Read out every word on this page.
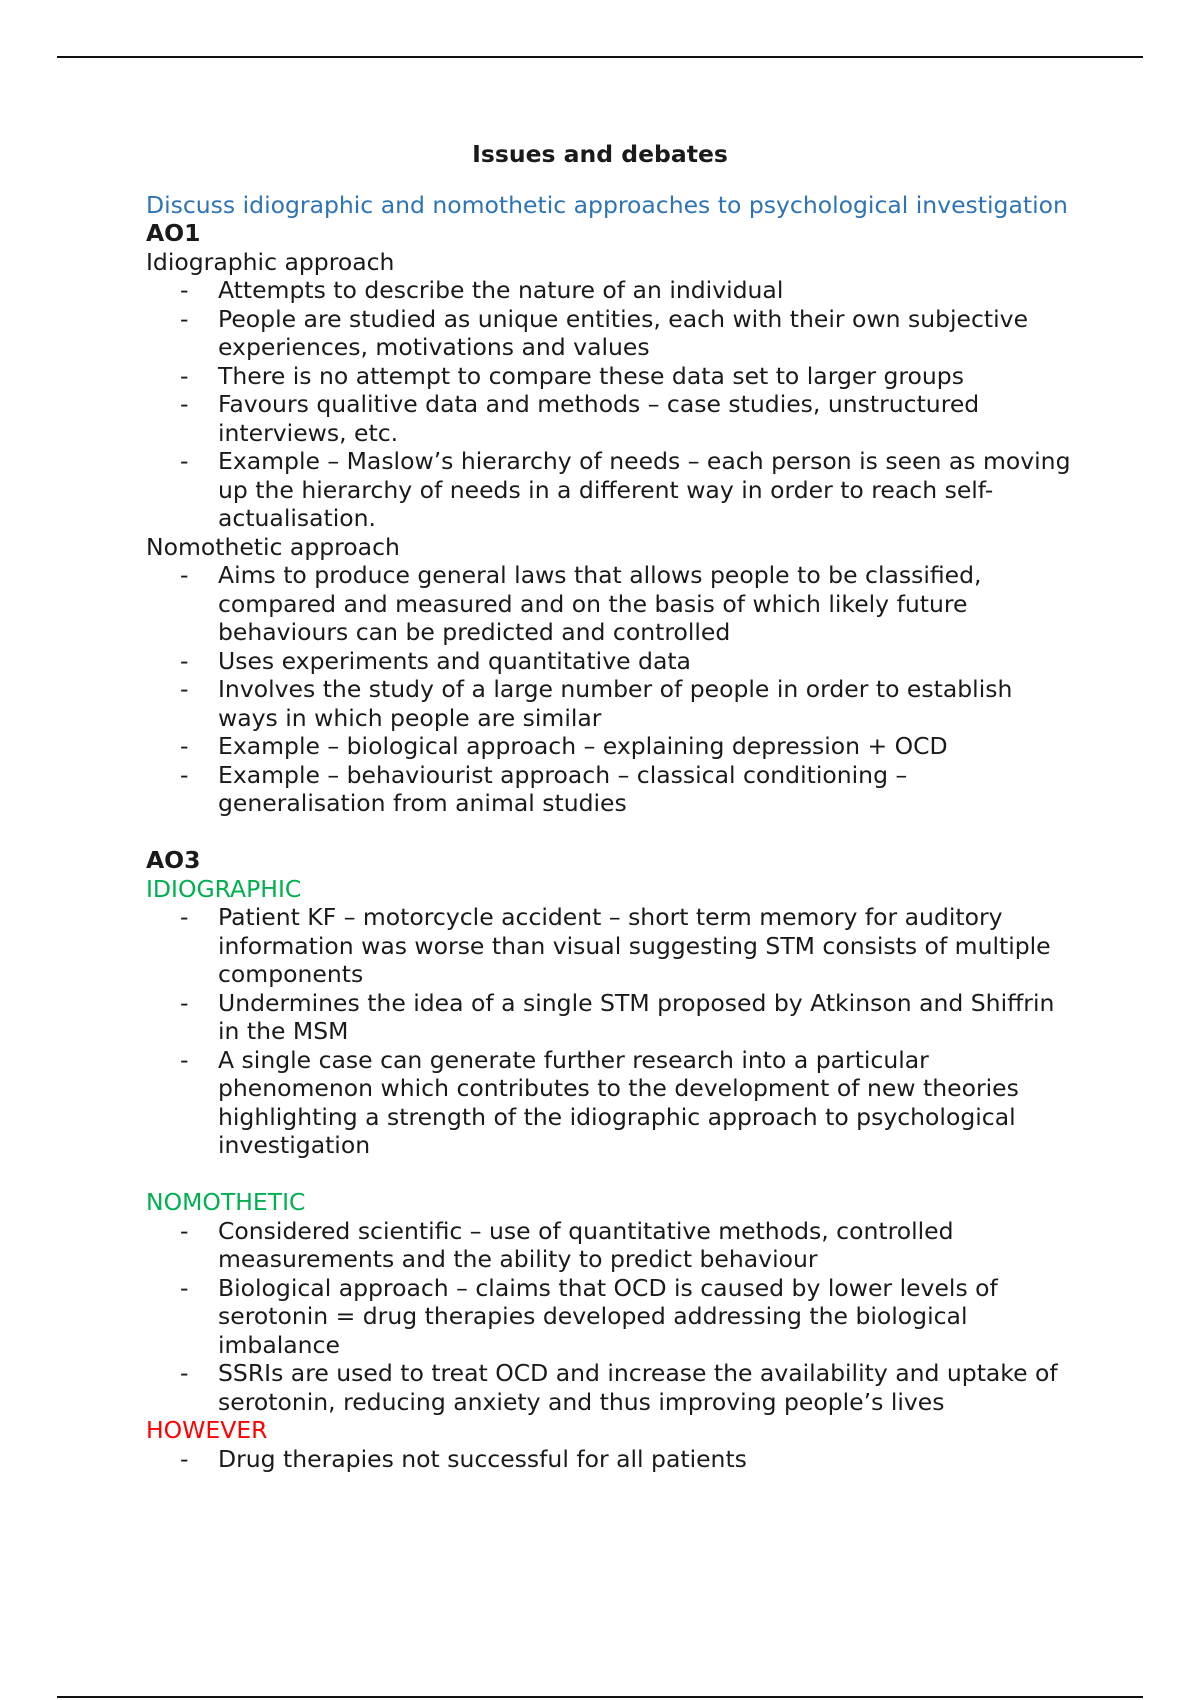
Issues and debates
Discuss idiographic and nomothetic approaches to psychological investigation
AO1
Idiographic approach
- Attempts to describe the nature of an individual
- People are studied as unique entities, each with their own subjective experiences, motivations and values
- There is no attempt to compare these data set to larger groups
- Favours qualitive data and methods – case studies, unstructured interviews, etc.
- Example – Maslow’s hierarchy of needs – each person is seen as moving up the hierarchy of needs in a different way in order to reach self-actualisation.
Nomothetic approach
- Aims to produce general laws that allows people to be classified, compared and measured and on the basis of which likely future behaviours can be predicted and controlled
- Uses experiments and quantitative data
- Involves the study of a large number of people in order to establish ways in which people are similar
- Example – biological approach – explaining depression + OCD
- Example – behaviourist approach – classical conditioning – generalisation from animal studies
AO3
IDIOGRAPHIC
- Patient KF – motorcycle accident – short term memory for auditory information was worse than visual suggesting STM consists of multiple components
- Undermines the idea of a single STM proposed by Atkinson and Shiffrin in the MSM
- A single case can generate further research into a particular phenomenon which contributes to the development of new theories highlighting a strength of the idiographic approach to psychological investigation
NOMOTHETIC
- Considered scientific – use of quantitative methods, controlled measurements and the ability to predict behaviour
- Biological approach – claims that OCD is caused by lower levels of serotonin = drug therapies developed addressing the biological imbalance
- SSRIs are used to treat OCD and increase the availability and uptake of serotonin, reducing anxiety and thus improving people’s lives
HOWEVER
- Drug therapies not successful for all patients
